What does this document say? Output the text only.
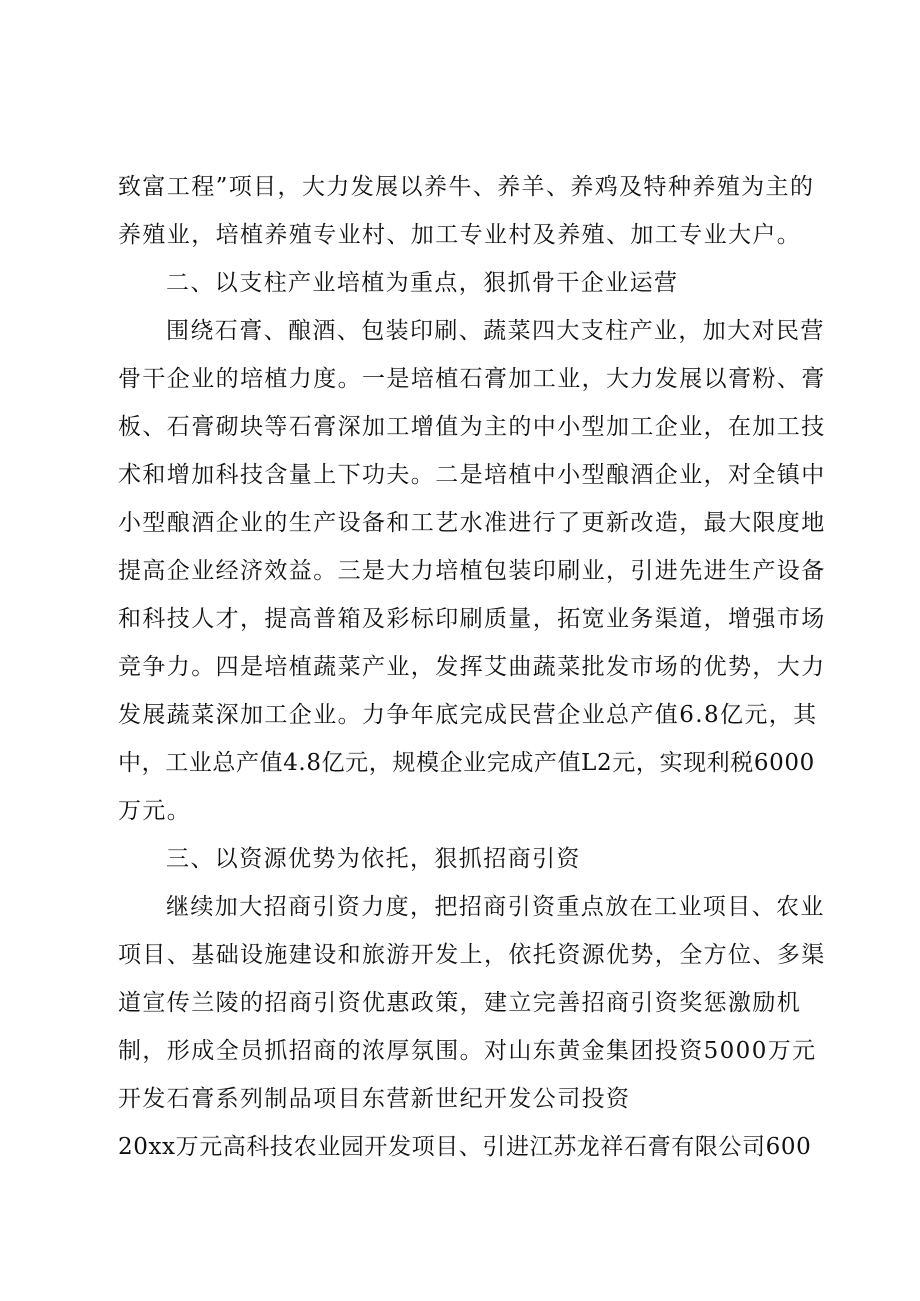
致富工程”项目，大力发展以养牛、养羊、养鸡及特种养殖为主的
养殖业，培植养殖专业村、加工专业村及养殖、加工专业大户。
二、以支柱产业培植为重点，狠抓骨干企业运营
围绕石膏、酿酒、包装印刷、蔬菜四大支柱产业，加大对民营
骨干企业的培植力度。一是培植石膏加工业，大力发展以膏粉、膏
板、石膏砌块等石膏深加工增值为主的中小型加工企业，在加工技
术和增加科技含量上下功夫。二是培植中小型酿酒企业，对全镇中
小型酿酒企业的生产设备和工艺水准进行了更新改造，最大限度地
提高企业经济效益。三是大力培植包装印刷业，引进先进生产设备
和科技人才，提高普箱及彩标印刷质量，拓宽业务渠道，增强市场
竞争力。四是培植蔬菜产业，发挥艾曲蔬菜批发市场的优势，大力
发展蔬菜深加工企业。力争年底完成民营企业总产值6.8亿元，其
中，工业总产值4.8亿元，规模企业完成产值L2元，实现利税6000
万元。
三、以资源优势为依托，狠抓招商引资
继续加大招商引资力度，把招商引资重点放在工业项目、农业
项目、基础设施建设和旅游开发上，依托资源优势，全方位、多渠
道宣传兰陵的招商引资优惠政策，建立完善招商引资奖惩激励机
制，形成全员抓招商的浓厚氛围。对山东黄金集团投资5000万元
开发石膏系列制品项目东营新世纪开发公司投资
20xx万元高科技农业园开发项目、引进江苏龙祥石膏有限公司600
